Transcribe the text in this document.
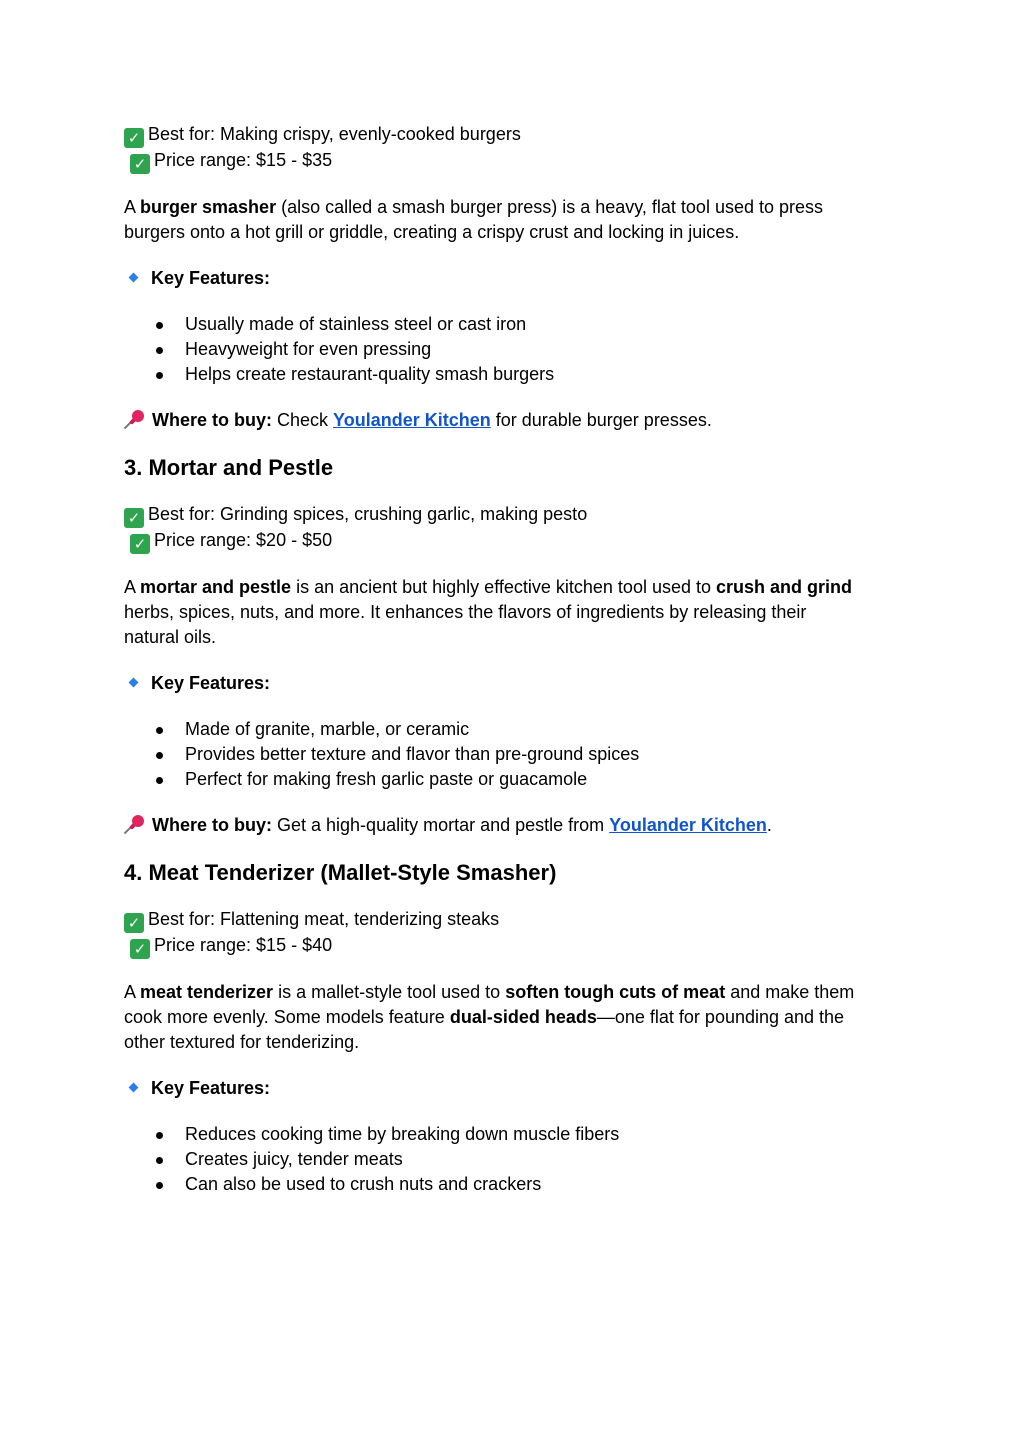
✓ Best for: Making crispy, evenly-cooked burgers
✓ Price range: $15 - $35
A burger smasher (also called a smash burger press) is a heavy, flat tool used to press
burgers onto a hot grill or griddle, creating a crispy crust and locking in juices.
Key Features:
Usually made of stainless steel or cast iron
Heavyweight for even pressing
Helps create restaurant-quality smash burgers
Where to buy: Check Youlander Kitchen for durable burger presses.
3. Mortar and Pestle
✓ Best for: Grinding spices, crushing garlic, making pesto
✓ Price range: $20 - $50
A mortar and pestle is an ancient but highly effective kitchen tool used to crush and grind
herbs, spices, nuts, and more. It enhances the flavors of ingredients by releasing their
natural oils.
Key Features:
Made of granite, marble, or ceramic
Provides better texture and flavor than pre-ground spices
Perfect for making fresh garlic paste or guacamole
Where to buy: Get a high-quality mortar and pestle from Youlander Kitchen.
4. Meat Tenderizer (Mallet-Style Smasher)
✓ Best for: Flattening meat, tenderizing steaks
✓ Price range: $15 - $40
A meat tenderizer is a mallet-style tool used to soften tough cuts of meat and make them
cook more evenly. Some models feature dual-sided heads—one flat for pounding and the
other textured for tenderizing.
Key Features:
Reduces cooking time by breaking down muscle fibers
Creates juicy, tender meats
Can also be used to crush nuts and crackers
